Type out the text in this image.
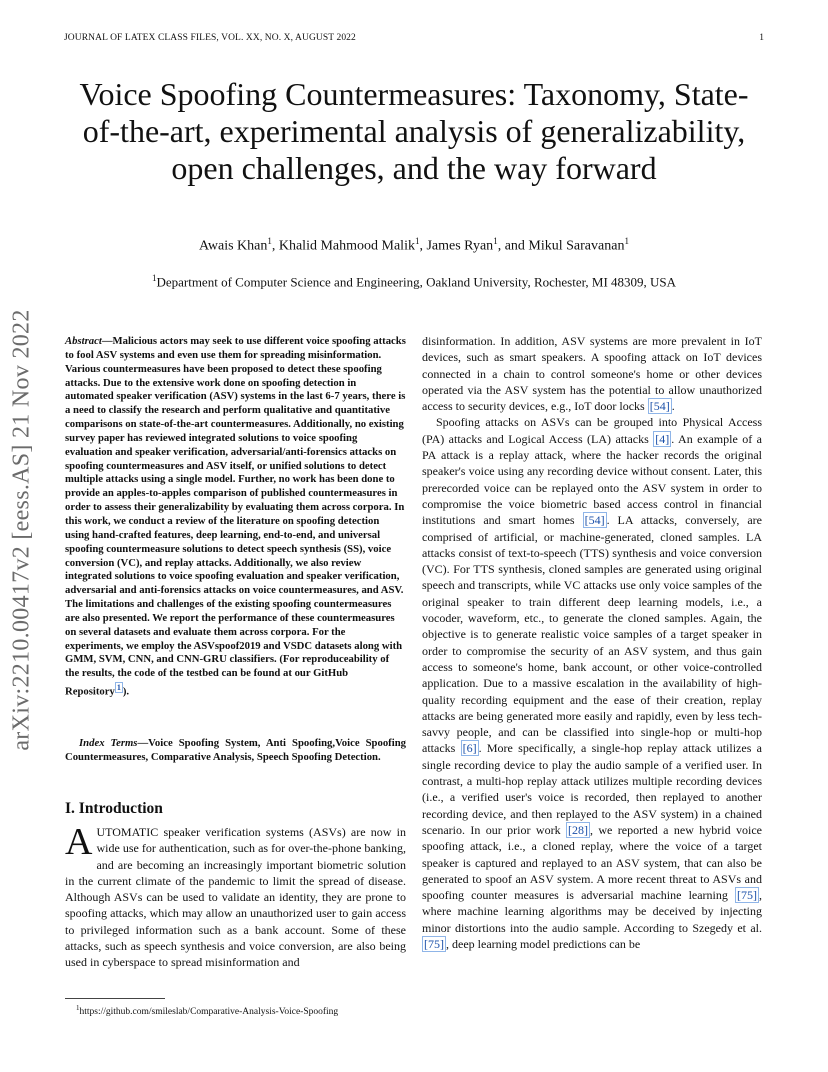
JOURNAL OF LATEX CLASS FILES, VOL. XX, NO. X, AUGUST 2022	1
arXiv:2210.00417v2 [eess.AS] 21 Nov 2022
Voice Spoofing Countermeasures: Taxonomy, State-of-the-art, experimental analysis of generalizability, open challenges, and the way forward
Awais Khan$^1$, Khalid Mahmood Malik$^1$, James Ryan$^1$, and Mikul Saravanan$^1$
$^1$Department of Computer Science and Engineering, Oakland University, Rochester, MI 48309, USA
Abstract—Malicious actors may seek to use different voice spoofing attacks to fool ASV systems and even use them for spreading misinformation. Various countermeasures have been proposed to detect these spoofing attacks. Due to the extensive work done on spoofing detection in automated speaker verification (ASV) systems in the last 6-7 years, there is a need to classify the research and perform qualitative and quantitative comparisons on state-of-the-art countermeasures. Additionally, no existing survey paper has reviewed integrated solutions to voice spoofing evaluation and speaker verification, adversarial/anti-forensics attacks on spoofing countermeasures and ASV itself, or unified solutions to detect multiple attacks using a single model. Further, no work has been done to provide an apples-to-apples comparison of published countermeasures in order to assess their generalizability by evaluating them across corpora. In this work, we conduct a review of the literature on spoofing detection using hand-crafted features, deep learning, end-to-end, and universal spoofing countermeasure solutions to detect speech synthesis (SS), voice conversion (VC), and replay attacks. Additionally, we also review integrated solutions to voice spoofing evaluation and speaker verification, adversarial and anti-forensics attacks on voice countermeasures, and ASV. The limitations and challenges of the existing spoofing countermeasures are also presented. We report the performance of these countermeasures on several datasets and evaluate them across corpora. For the experiments, we employ the ASVspoof2019 and VSDC datasets along with GMM, SVM, CNN, and CNN-GRU classifiers. (For reproduceability of the results, the code of the testbed can be found at our GitHub Repository $^1$ ).
Index Terms—Voice Spoofing System, Anti Spoofing,Voice Spoofing Countermeasures, Comparative Analysis, Speech Spoofing Detection.
I. Introduction
AUTOMATIC speaker verification systems (ASVs) are now in wide use for authentication, such as for over-the-phone banking, and are becoming an increasingly important biometric solution in the current climate of the pandemic to limit the spread of disease. Although ASVs can be used to validate an identity, they are prone to spoofing attacks, which may allow an unauthorized user to gain access to privileged information such as a bank account. Some of these attacks, such as speech synthesis and voice conversion, are also being used in cyberspace to spread misinformation and
$^1$https://github.com/smileslab/Comparative-Analysis-Voice-Spoofing

disinformation. In addition, ASV systems are more prevalent in IoT devices, such as smart speakers. A spoofing attack on IoT devices connected in a chain to control someone's home or other devices operated via the ASV system has the potential to allow unauthorized access to security devices, e.g., IoT door locks [54] .

Spoofing attacks on ASVs can be grouped into Physical Access (PA) attacks and Logical Access (LA) attacks [4] . An example of a PA attack is a replay attack, where the hacker records the original speaker's voice using any recording device without consent. Later, this prerecorded voice can be replayed onto the ASV system in order to compromise the voice biometric based access control in financial institutions and smart homes [54] . LA attacks, conversely, are comprised of artificial, or machine-generated, cloned samples. LA attacks consist of text-to-speech (TTS) synthesis and voice conversion (VC). For TTS synthesis, cloned samples are generated using original speech and transcripts, while VC attacks use only voice samples of the original speaker to train different deep learning models, i.e., a vocoder, waveform, etc., to generate the cloned samples. Again, the objective is to generate realistic voice samples of a target speaker in order to compromise the security of an ASV system, and thus gain access to someone's home, bank account, or other voice-controlled application. Due to a massive escalation in the availability of high-quality recording equipment and the ease of their creation, replay attacks are being generated more easily and rapidly, even by less tech-savvy people, and can be classified into single-hop or multi-hop attacks [6] . More specifically, a single-hop replay attack utilizes a single recording device to play the audio sample of a verified user. In contrast, a multi-hop replay attack utilizes multiple recording devices (i.e., a verified user's voice is recorded, then replayed to another recording device, and then replayed to the ASV system) in a chained scenario. In our prior work [28] , we reported a new hybrid voice spoofing attack, i.e., a cloned replay, where the voice of a target speaker is captured and replayed to an ASV system, that can also be generated to spoof an ASV system. A more recent threat to ASVs and spoofing counter measures is adversarial machine learning [75] , where machine learning algorithms may be deceived by injecting minor distortions into the audio sample. According to Szegedy et al. [75] , deep learning model predictions can be
